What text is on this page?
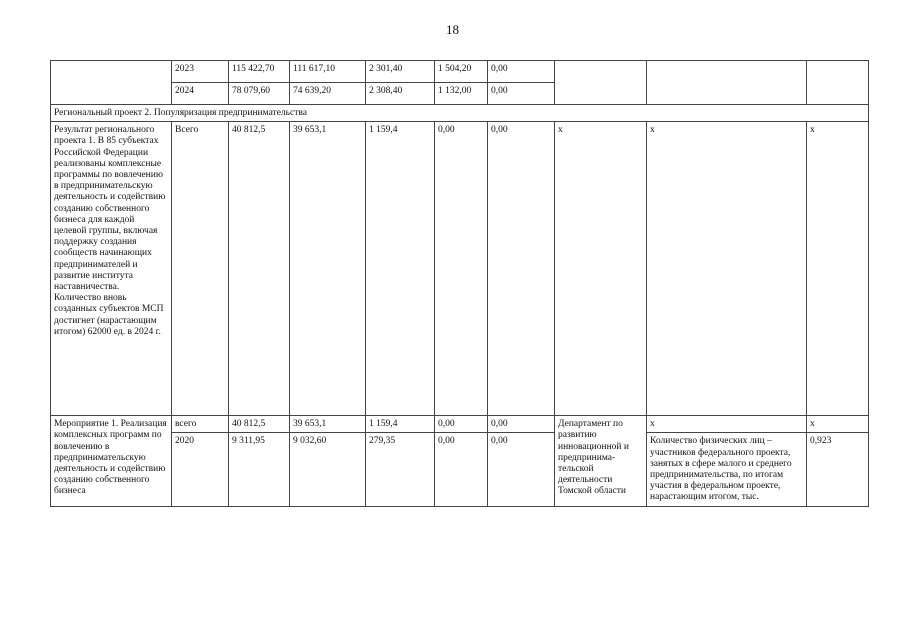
18
	2023	115 422,70	111 617,10	2 301,40	1 504,20	0,00			
	2024	78 079,60	74 639,20	2 308,40	1 132,00	0,00			
Региональный проект 2. Популяризация предпринимательства									
Результат регионального проекта 1. В 85 субъектах Российской Федерации реализованы комплексные программы по вовлечению в предпринимательскую деятельность и содействию созданию собственного бизнеса для каждой целевой группы, включая поддержку создания сообществ начинающих предпринимателей и развитие института наставничества. Количество вновь созданных субъектов МСП достигнет (нарастающим итогом) 62000 ед. в 2024 г.	Всего	40 812,5	39 653,1	1 159,4	0,00	0,00	х	х	х
Мероприятие 1. Реализация комплексных программ по вовлечению в предпринимательскую деятельность и содействию созданию собственного бизнеса	всего	40 812,5	39 653,1	1 159,4	0,00	0,00	Департамент по развитию инновационной и предпринима-тельской деятельности Томской области	х	х
	2020	9 311,95	9 032,60	279,35	0,00	0,00		Количество физических лиц – участников федерального проекта, занятых в сфере малого и среднего предпринимательства, по итогам участия в федеральном проекте, нарастающим итогом, тыс.	0,923
